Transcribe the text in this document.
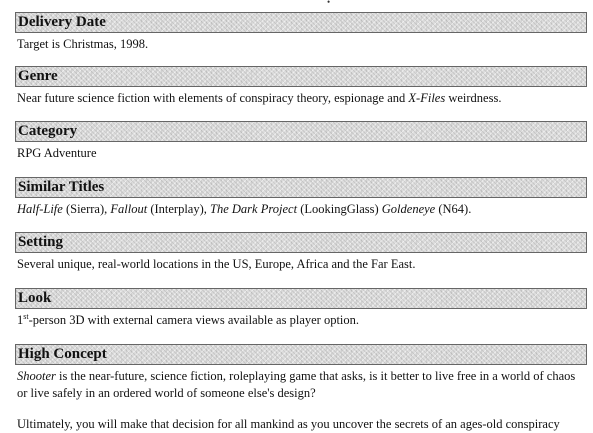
•
Delivery Date
Target is Christmas, 1998.
Genre
Near future science fiction with elements of conspiracy theory, espionage and X-Files weirdness.
Category
RPG Adventure
Similar Titles
Half-Life (Sierra), Fallout (Interplay), The Dark Project (LookingGlass) Goldeneye (N64).
Setting
Several unique, real-world locations in the US, Europe, Africa and the Far East.
Look
1st-person 3D with external camera views available as player option.
High Concept
Shooter is the near-future, science fiction, roleplaying game that asks, is it better to live free in a world of chaos or live safely in an ordered world of someone else's design?
Ultimately, you will make that decision for all mankind as you uncover the secrets of an ages-old conspiracy
